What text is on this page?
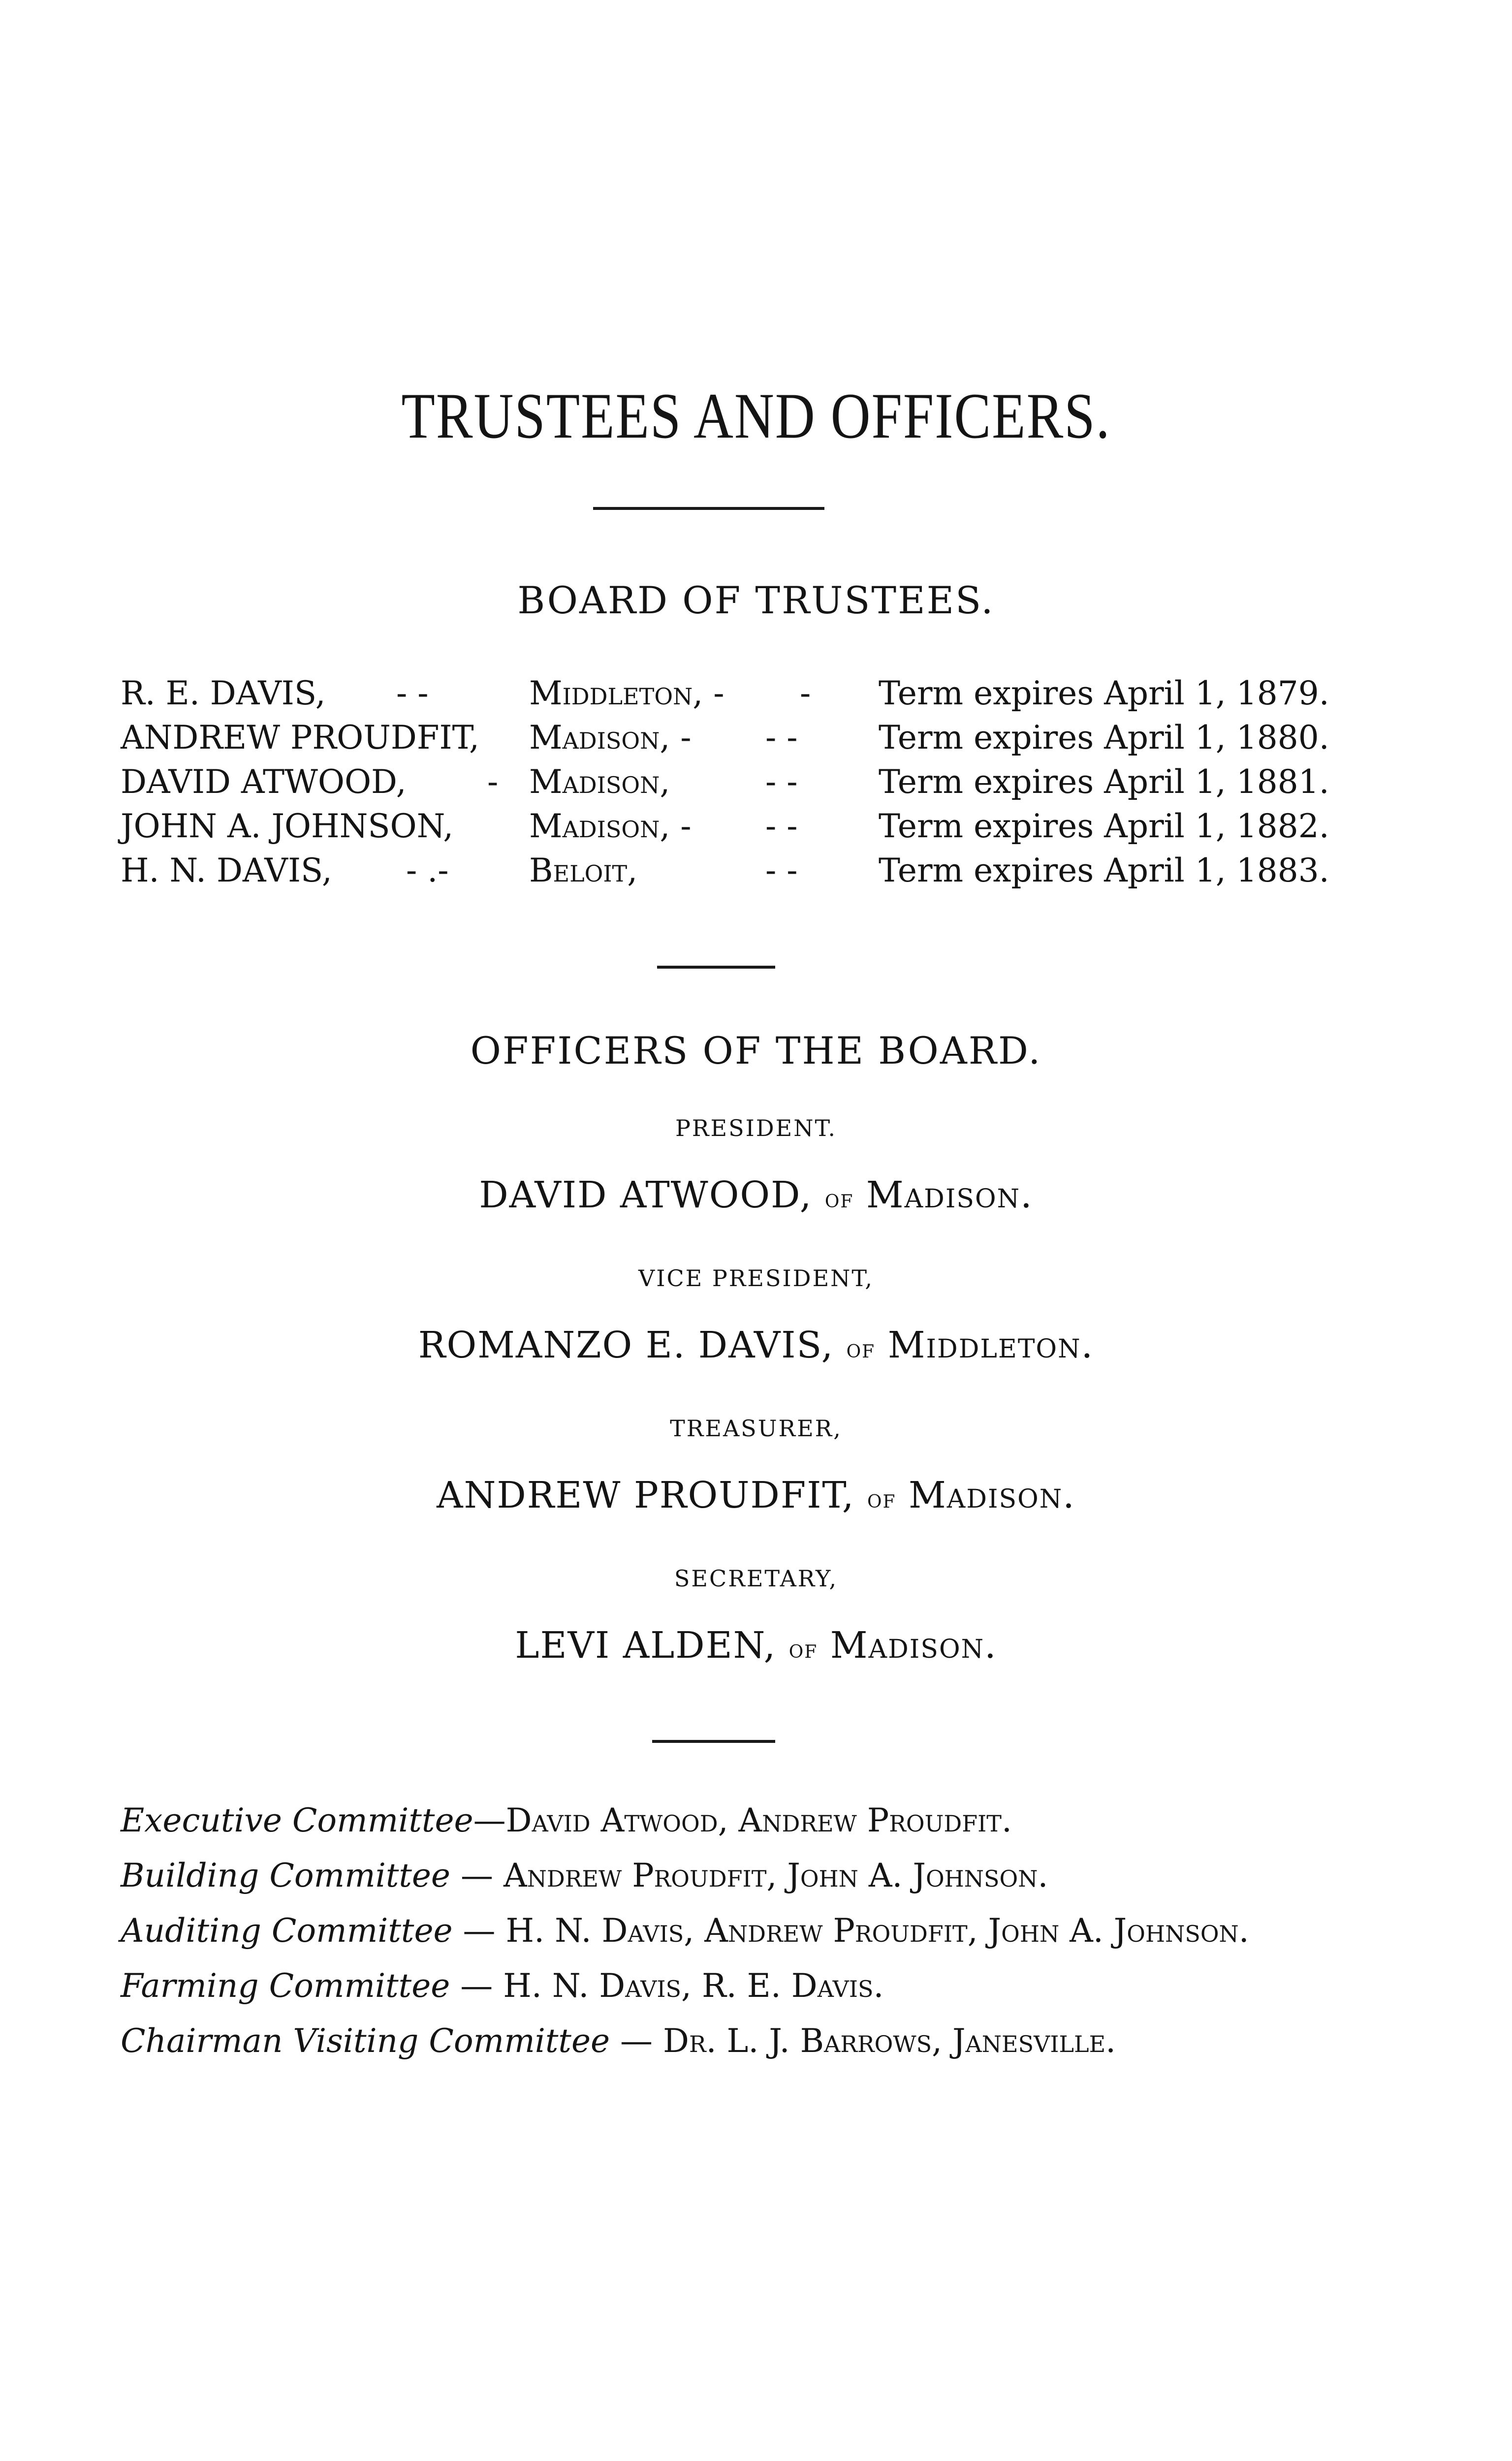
TRUSTEES AND OFFICERS.
BOARD OF TRUSTEES.
R. E. DAVIS, - -	Middleton, - - Term expires April 1, 1879.
ANDREW PROUDFIT, Madison, - - - Term expires April 1, 1880.
DAVID ATWOOD, - Madison,	- - Term expires April 1, 1881.
JOHN A. JOHNSON, Madison, - - - Term expires April 1, 1882.
H. N. DAVIS, - .- Beloit,	- - Term expires April 1, 1883.
OFFICERS OF THE BOARD.
PRESIDENT.
DAVID ATWOOD, of Madison.
VICE PRESIDENT,
ROMANZO E. DAVIS, of Middleton.
TREASURER,
ANDREW PROUDFIT, of Madison.
SECRETARY,
LEVI ALDEN, of Madison.
Executive Committee—David Atwood, Andrew Proudfit.
Building Committee — Andrew Proudfit, John A. Johnson.
Auditing Committee — H. N. Davis, Andrew Proudfit, John A. Johnson.
Farming Committee — H. N. Davis, R. E. Davis.
Chairman Visiting Committee — Dr. L. J. Barrows, Janesville.
